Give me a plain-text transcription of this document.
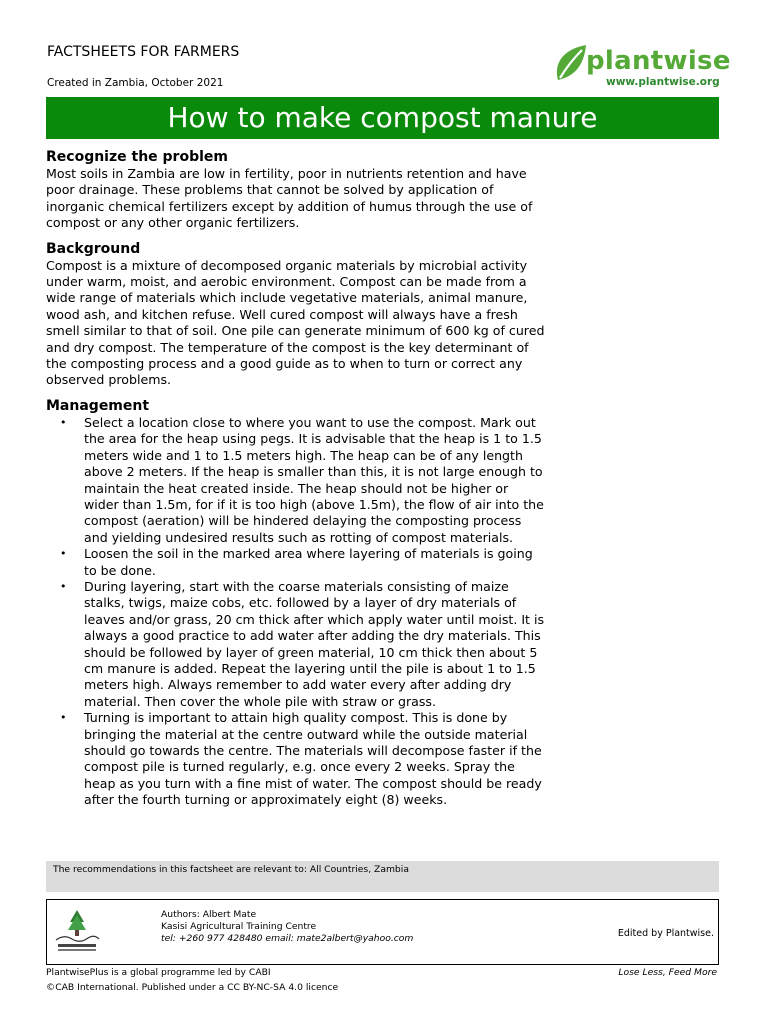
FACTSHEETS FOR FARMERS
Created in Zambia, October 2021
plantwise
www.plantwise.org
How to make compost manure
Recognize the problem

Most soils in Zambia are low in fertility, poor in nutrients retention and have poor drainage. These problems that cannot be solved by application of inorganic chemical fertilizers except by addition of humus through the use of compost or any other organic fertilizers.

Background

Compost is a mixture of decomposed organic materials by microbial activity under warm, moist, and aerobic environment. Compost can be made from a wide range of materials which include vegetative materials, animal manure, wood ash, and kitchen refuse. Well cured compost will always have a fresh smell similar to that of soil. One pile can generate minimum of 600 kg of cured and dry compost. The temperature of the compost is the key determinant of the composting process and a good guide as to when to turn or correct any observed problems.

Management
• Select a location close to where you want to use the compost. Mark out the area for the heap using pegs. It is advisable that the heap is 1 to 1.5 meters wide and 1 to 1.5 meters high. The heap can be of any length above 2 meters. If the heap is smaller than this, it is not large enough to maintain the heat created inside. The heap should not be higher or wider than 1.5m, for if it is too high (above 1.5m), the flow of air into the compost (aeration) will be hindered delaying the composting process and yielding undesired results such as rotting of compost materials.
• Loosen the soil in the marked area where layering of materials is going to be done.
• During layering, start with the coarse materials consisting of maize stalks, twigs, maize cobs, etc. followed by a layer of dry materials of leaves and/or grass, 20 cm thick after which apply water until moist. It is always a good practice to add water after adding the dry materials. This should be followed by layer of green material, 10 cm thick then about 5 cm manure is added. Repeat the layering until the pile is about 1 to 1.5 meters high. Always remember to add water every after adding dry material. Then cover the whole pile with straw or grass.
• Turning is important to attain high quality compost. This is done by bringing the material at the centre outward while the outside material should go towards the centre. The materials will decompose faster if the compost pile is turned regularly, e.g. once every 2 weeks. Spray the heap as you turn with a fine mist of water. The compost should be ready after the fourth turning or approximately eight (8) weeks.
The recommendations in this factsheet are relevant to: All Countries, Zambia
Authors: Albert Mate
Kasisi Agricultural Training Centre
tel: +260 977 428480 email: mate2albert@yahoo.com	Edited by Plantwise.
PlantwisePlus is a global programme led by CABI	Lose Less, Feed More
©CAB International. Published under a CC BY-NC-SA 4.0 licence
